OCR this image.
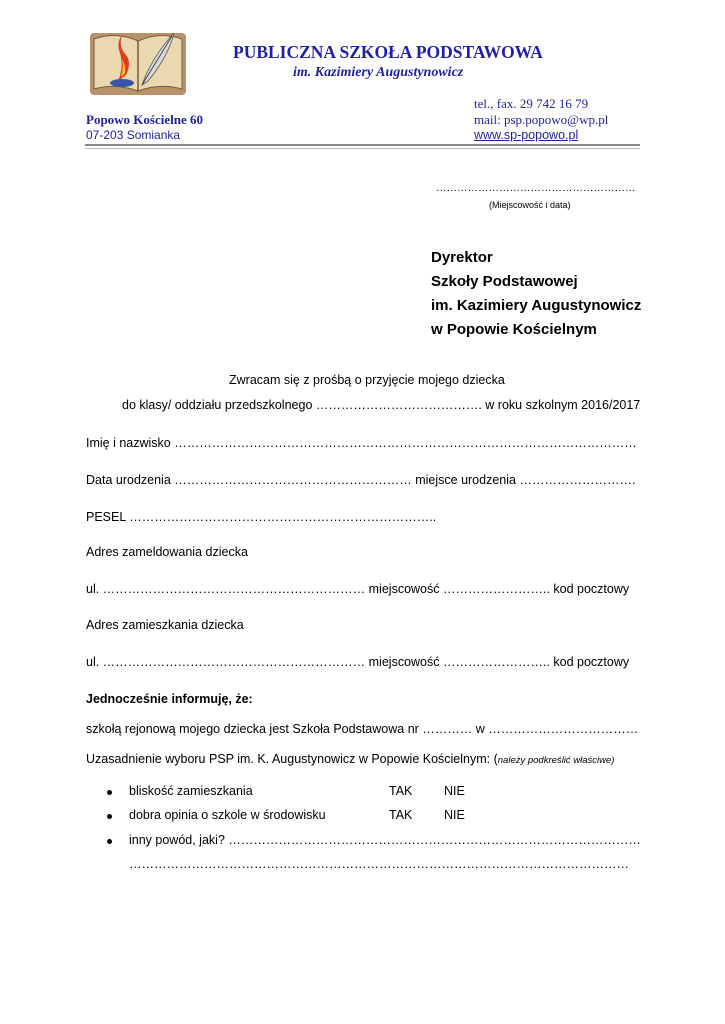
PUBLICZNA SZKOŁA PODSTAWOWA
im. Kazimiery Augustynowicz
tel., fax. 29 742 16 79
Popowo Kościelne 60	mail: psp.popowo@wp.pl
07-203 Somianka	www.sp-popowo.pl
…………………………………………………
(Miejscowość i data)
Dyrektor
Szkoły Podstawowej
im. Kazimiery Augustynowicz
w Popowie Kościelnym
Zwracam się z prośbą o przyjęcie mojego dziecka
do klasy/ oddziału przedszkolnego …………………………………. w roku szkolnym 2016/2017
Imię i nazwisko …………………………………………………………………………………………………
Data urodzenia ………………………………………………… miejsce urodzenia ……………………….
PESEL ………………………………………………………………..
Adres zameldowania dziecka
ul. ……………………………………………………… miejscowość …………………….. kod pocztowy
Adres zamieszkania dziecka
ul. ……………………………………………………… miejscowość …………………….. kod pocztowy
Jednocześnie informuję, że:
szkołą rejonową mojego dziecka jest Szkoła Podstawowa nr ………… w ………………………………
Uzasadnienie wyboru PSP im. K. Augustynowicz w Popowie Kościelnym: (należy podkreślić właściwe)
bliskość zamieszkania	TAK	NIE
dobra opinia o szkole w środowisku	TAK	NIE
inny powód, jaki? ………………………………………………………………………………………
…………………………………………………………………………………………………………
